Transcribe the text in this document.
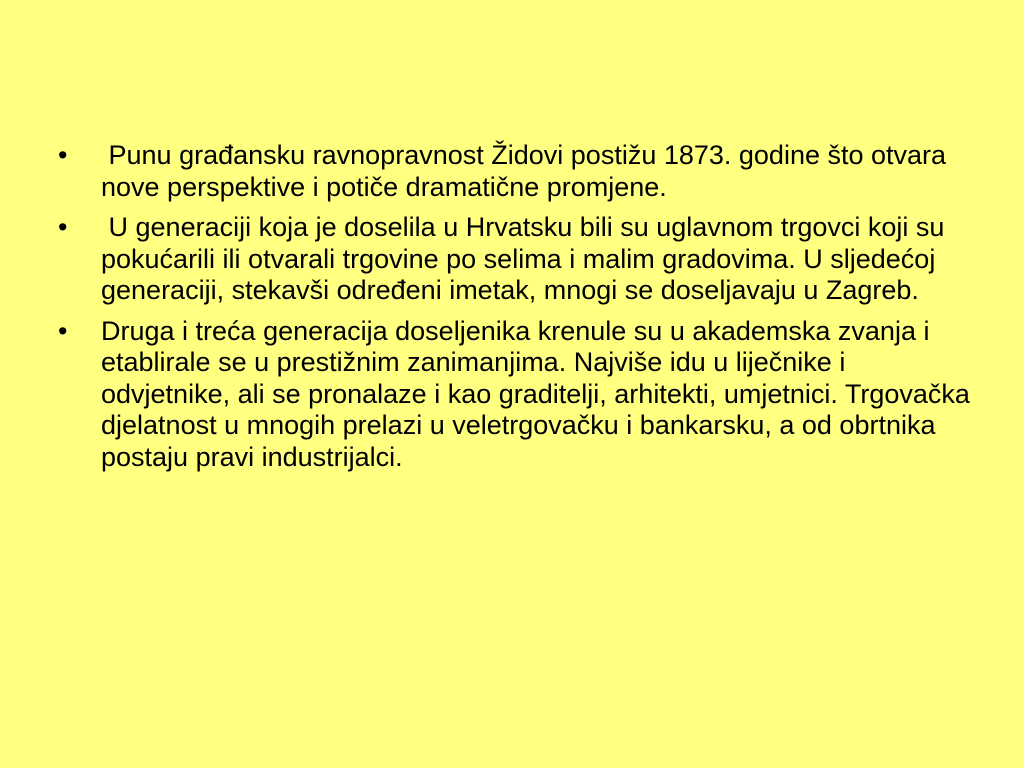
•	Punu građansku ravnopravnost Židovi postižu 1873. godine što otvara nove perspektive i potiče dramatične promjene.
•	U generaciji koja je doselila u Hrvatsku bili su uglavnom trgovci koji su pokućarili ili otvarali trgovine po selima i malim gradovima. U sljedećoj generaciji, stekavši određeni imetak, mnogi se doseljavaju u Zagreb.
•	Druga i treća generacija doseljenika krenule su u akademska zvanja i etablirale se u prestižnim zanimanjima. Najviše idu u liječnike i odvjetnike, ali se pronalaze i kao graditelji, arhitekti, umjetnici. Trgovačka djelatnost u mnogih prelazi u veletrgovačku i bankarsku, a od obrtnika postaju pravi industrijalci.
